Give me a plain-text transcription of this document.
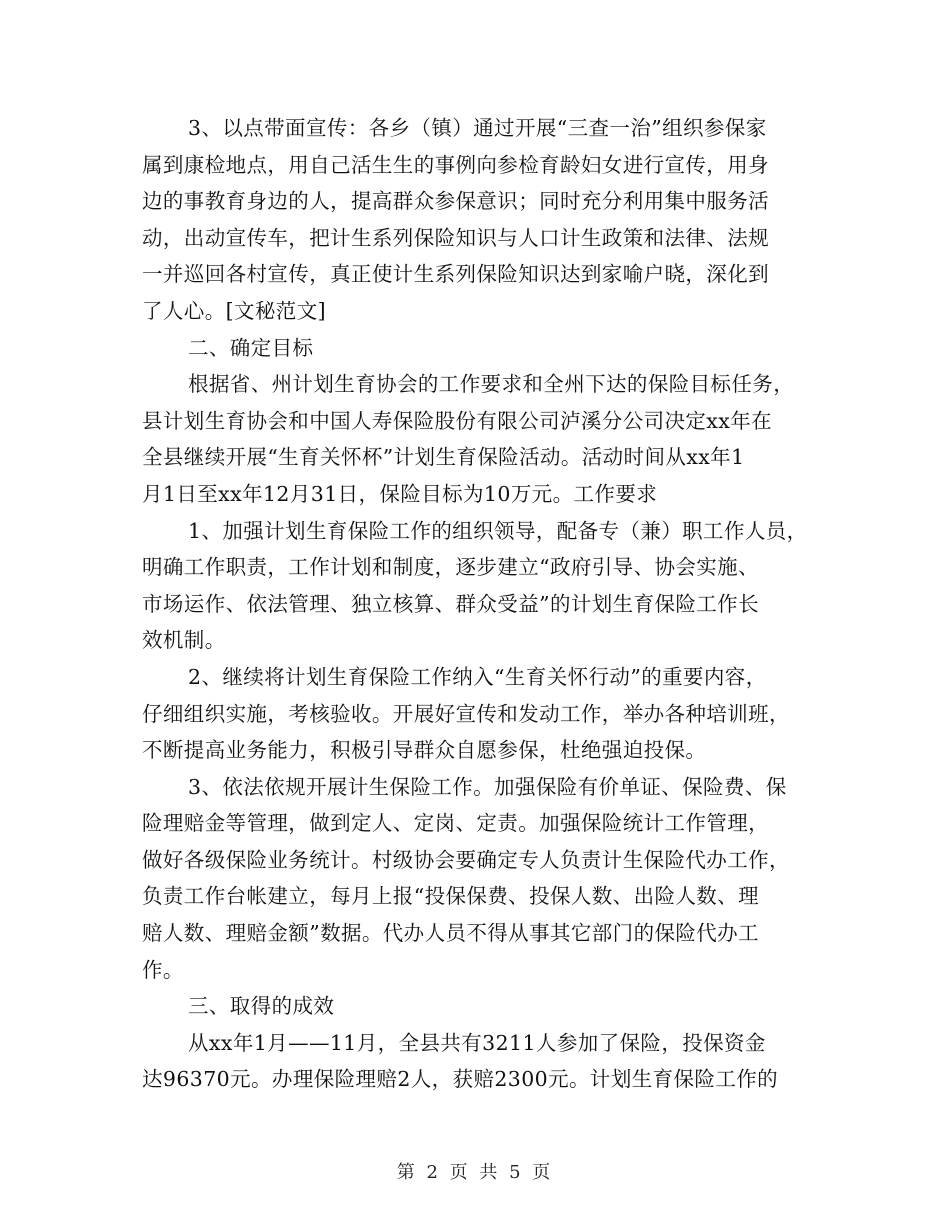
3、以点带面宣传：各乡（镇）通过开展“三查一治”组织参保家
属到康检地点，用自己活生生的事例向参检育龄妇女进行宣传，用身
边的事教育身边的人，提高群众参保意识；同时充分利用集中服务活
动，出动宣传车，把计生系列保险知识与人口计生政策和法律、法规
一并巡回各村宣传，真正使计生系列保险知识达到家喻户晓，深化到
了人心。[文秘范文]
二、确定目标
根据省、州计划生育协会的工作要求和全州下达的保险目标任务，
县计划生育协会和中国人寿保险股份有限公司泸溪分公司决定xx年在
全县继续开展“生育关怀杯”计划生育保险活动。活动时间从xx年1
月1日至xx年12月31日，保险目标为10万元。工作要求
1、加强计划生育保险工作的组织领导，配备专（兼）职工作人员，
明确工作职责，工作计划和制度，逐步建立“政府引导、协会实施、
市场运作、依法管理、独立核算、群众受益”的计划生育保险工作长
效机制。
2、继续将计划生育保险工作纳入“生育关怀行动”的重要内容，
仔细组织实施，考核验收。开展好宣传和发动工作，举办各种培训班，
不断提高业务能力，积极引导群众自愿参保，杜绝强迫投保。
3、依法依规开展计生保险工作。加强保险有价单证、保险费、保
险理赔金等管理，做到定人、定岗、定责。加强保险统计工作管理，
做好各级保险业务统计。村级协会要确定专人负责计生保险代办工作，
负责工作台帐建立，每月上报“投保保费、投保人数、出险人数、理
赔人数、理赔金额”数据。代办人员不得从事其它部门的保险代办工
作。
三、取得的成效
从xx年1月——11月，全县共有3211人参加了保险，投保资金
达96370元。办理保险理赔2人，获赔2300元。计划生育保险工作的
第 2 页 共 5 页
